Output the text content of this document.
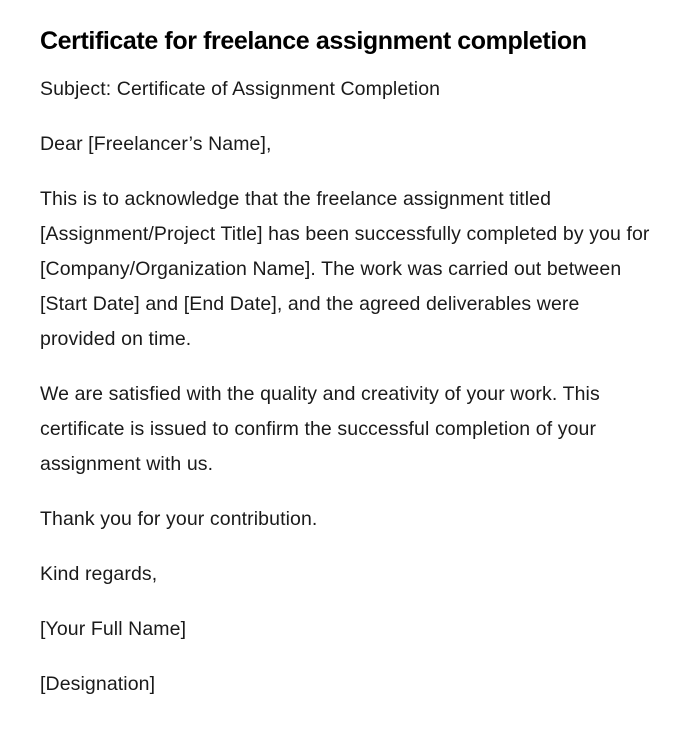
Certificate for freelance assignment completion

Subject: Certificate of Assignment Completion

Dear [Freelancer’s Name],

This is to acknowledge that the freelance assignment titled [Assignment/Project Title] has been successfully completed by you for [Company/Organization Name]. The work was carried out between [Start Date] and [End Date], and the agreed deliverables were provided on time.

We are satisfied with the quality and creativity of your work. This certificate is issued to confirm the successful completion of your assignment with us.

Thank you for your contribution.

Kind regards,

[Your Full Name]

[Designation]
